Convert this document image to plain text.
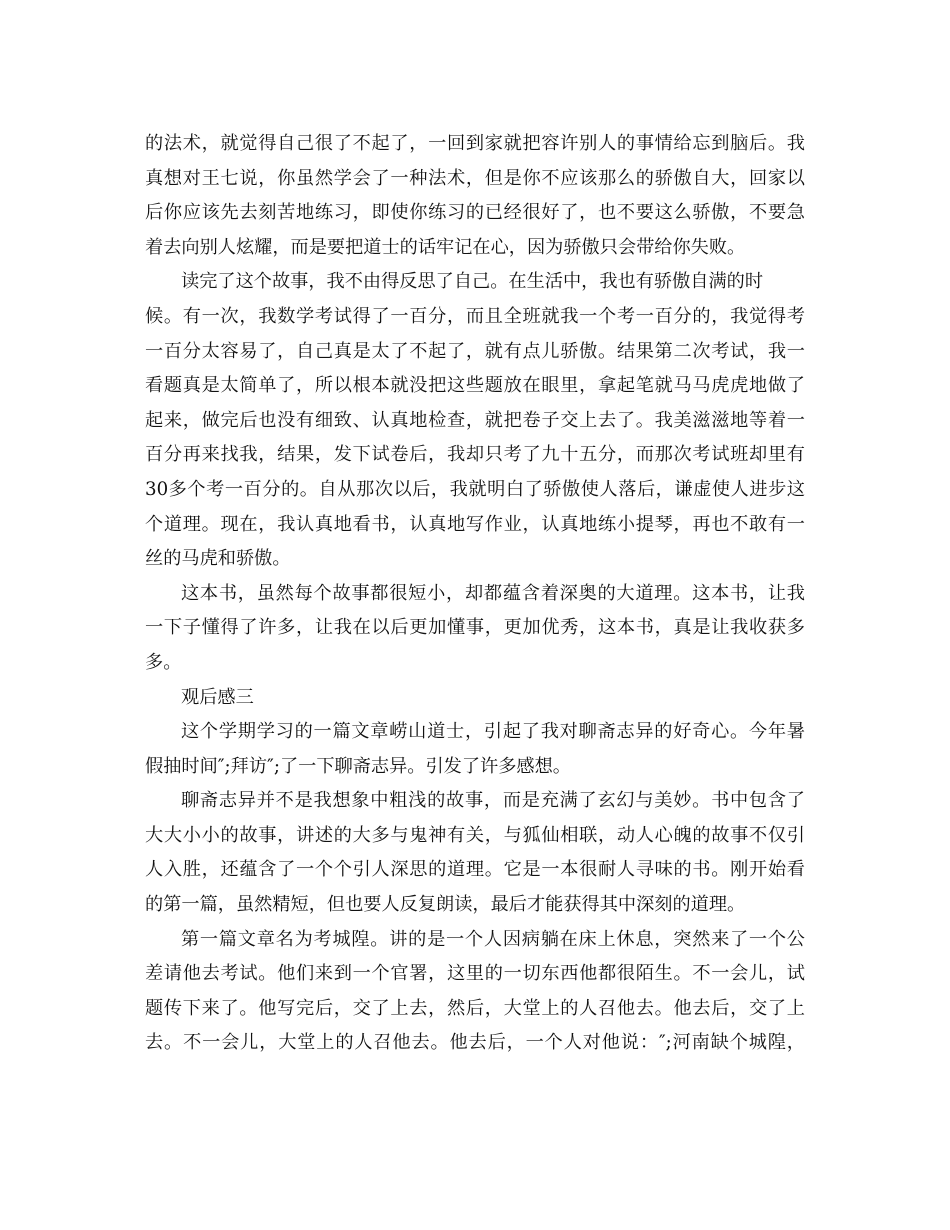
的法术，就觉得自己很了不起了，一回到家就把容许别人的事情给忘到脑后。我
真想对王七说，你虽然学会了一种法术，但是你不应该那么的骄傲自大，回家以
后你应该先去刻苦地练习，即使你练习的已经很好了，也不要这么骄傲，不要急
着去向别人炫耀，而是要把道士的话牢记在心，因为骄傲只会带给你失败。
读完了这个故事，我不由得反思了自己。在生活中，我也有骄傲自满的时
候。有一次，我数学考试得了一百分，而且全班就我一个考一百分的，我觉得考
一百分太容易了，自己真是太了不起了，就有点儿骄傲。结果第二次考试，我一
看题真是太简单了，所以根本就没把这些题放在眼里，拿起笔就马马虎虎地做了
起来，做完后也没有细致、认真地检查，就把卷子交上去了。我美滋滋地等着一
百分再来找我，结果，发下试卷后，我却只考了九十五分，而那次考试班却里有
30多个考一百分的。自从那次以后，我就明白了骄傲使人落后，谦虚使人进步这
个道理。现在，我认真地看书，认真地写作业，认真地练小提琴，再也不敢有一
丝的马虎和骄傲。
这本书，虽然每个故事都很短小，却都蕴含着深奥的大道理。这本书，让我
一下子懂得了许多，让我在以后更加懂事，更加优秀，这本书，真是让我收获多
多。
观后感三
这个学期学习的一篇文章崂山道士，引起了我对聊斋志异的好奇心。今年暑
假抽时间″;拜访″;了一下聊斋志异。引发了许多感想。
聊斋志异并不是我想象中粗浅的故事，而是充满了玄幻与美妙。书中包含了
大大小小的故事，讲述的大多与鬼神有关，与狐仙相联，动人心魄的故事不仅引
人入胜，还蕴含了一个个引人深思的道理。它是一本很耐人寻味的书。刚开始看
的第一篇，虽然精短，但也要人反复朗读，最后才能获得其中深刻的道理。
第一篇文章名为考城隍。讲的是一个人因病躺在床上休息，突然来了一个公
差请他去考试。他们来到一个官署，这里的一切东西他都很陌生。不一会儿，试
题传下来了。他写完后，交了上去，然后，大堂上的人召他去。他去后，交了上
去。不一会儿，大堂上的人召他去。他去后，一个人对他说：″;河南缺个城隍，
